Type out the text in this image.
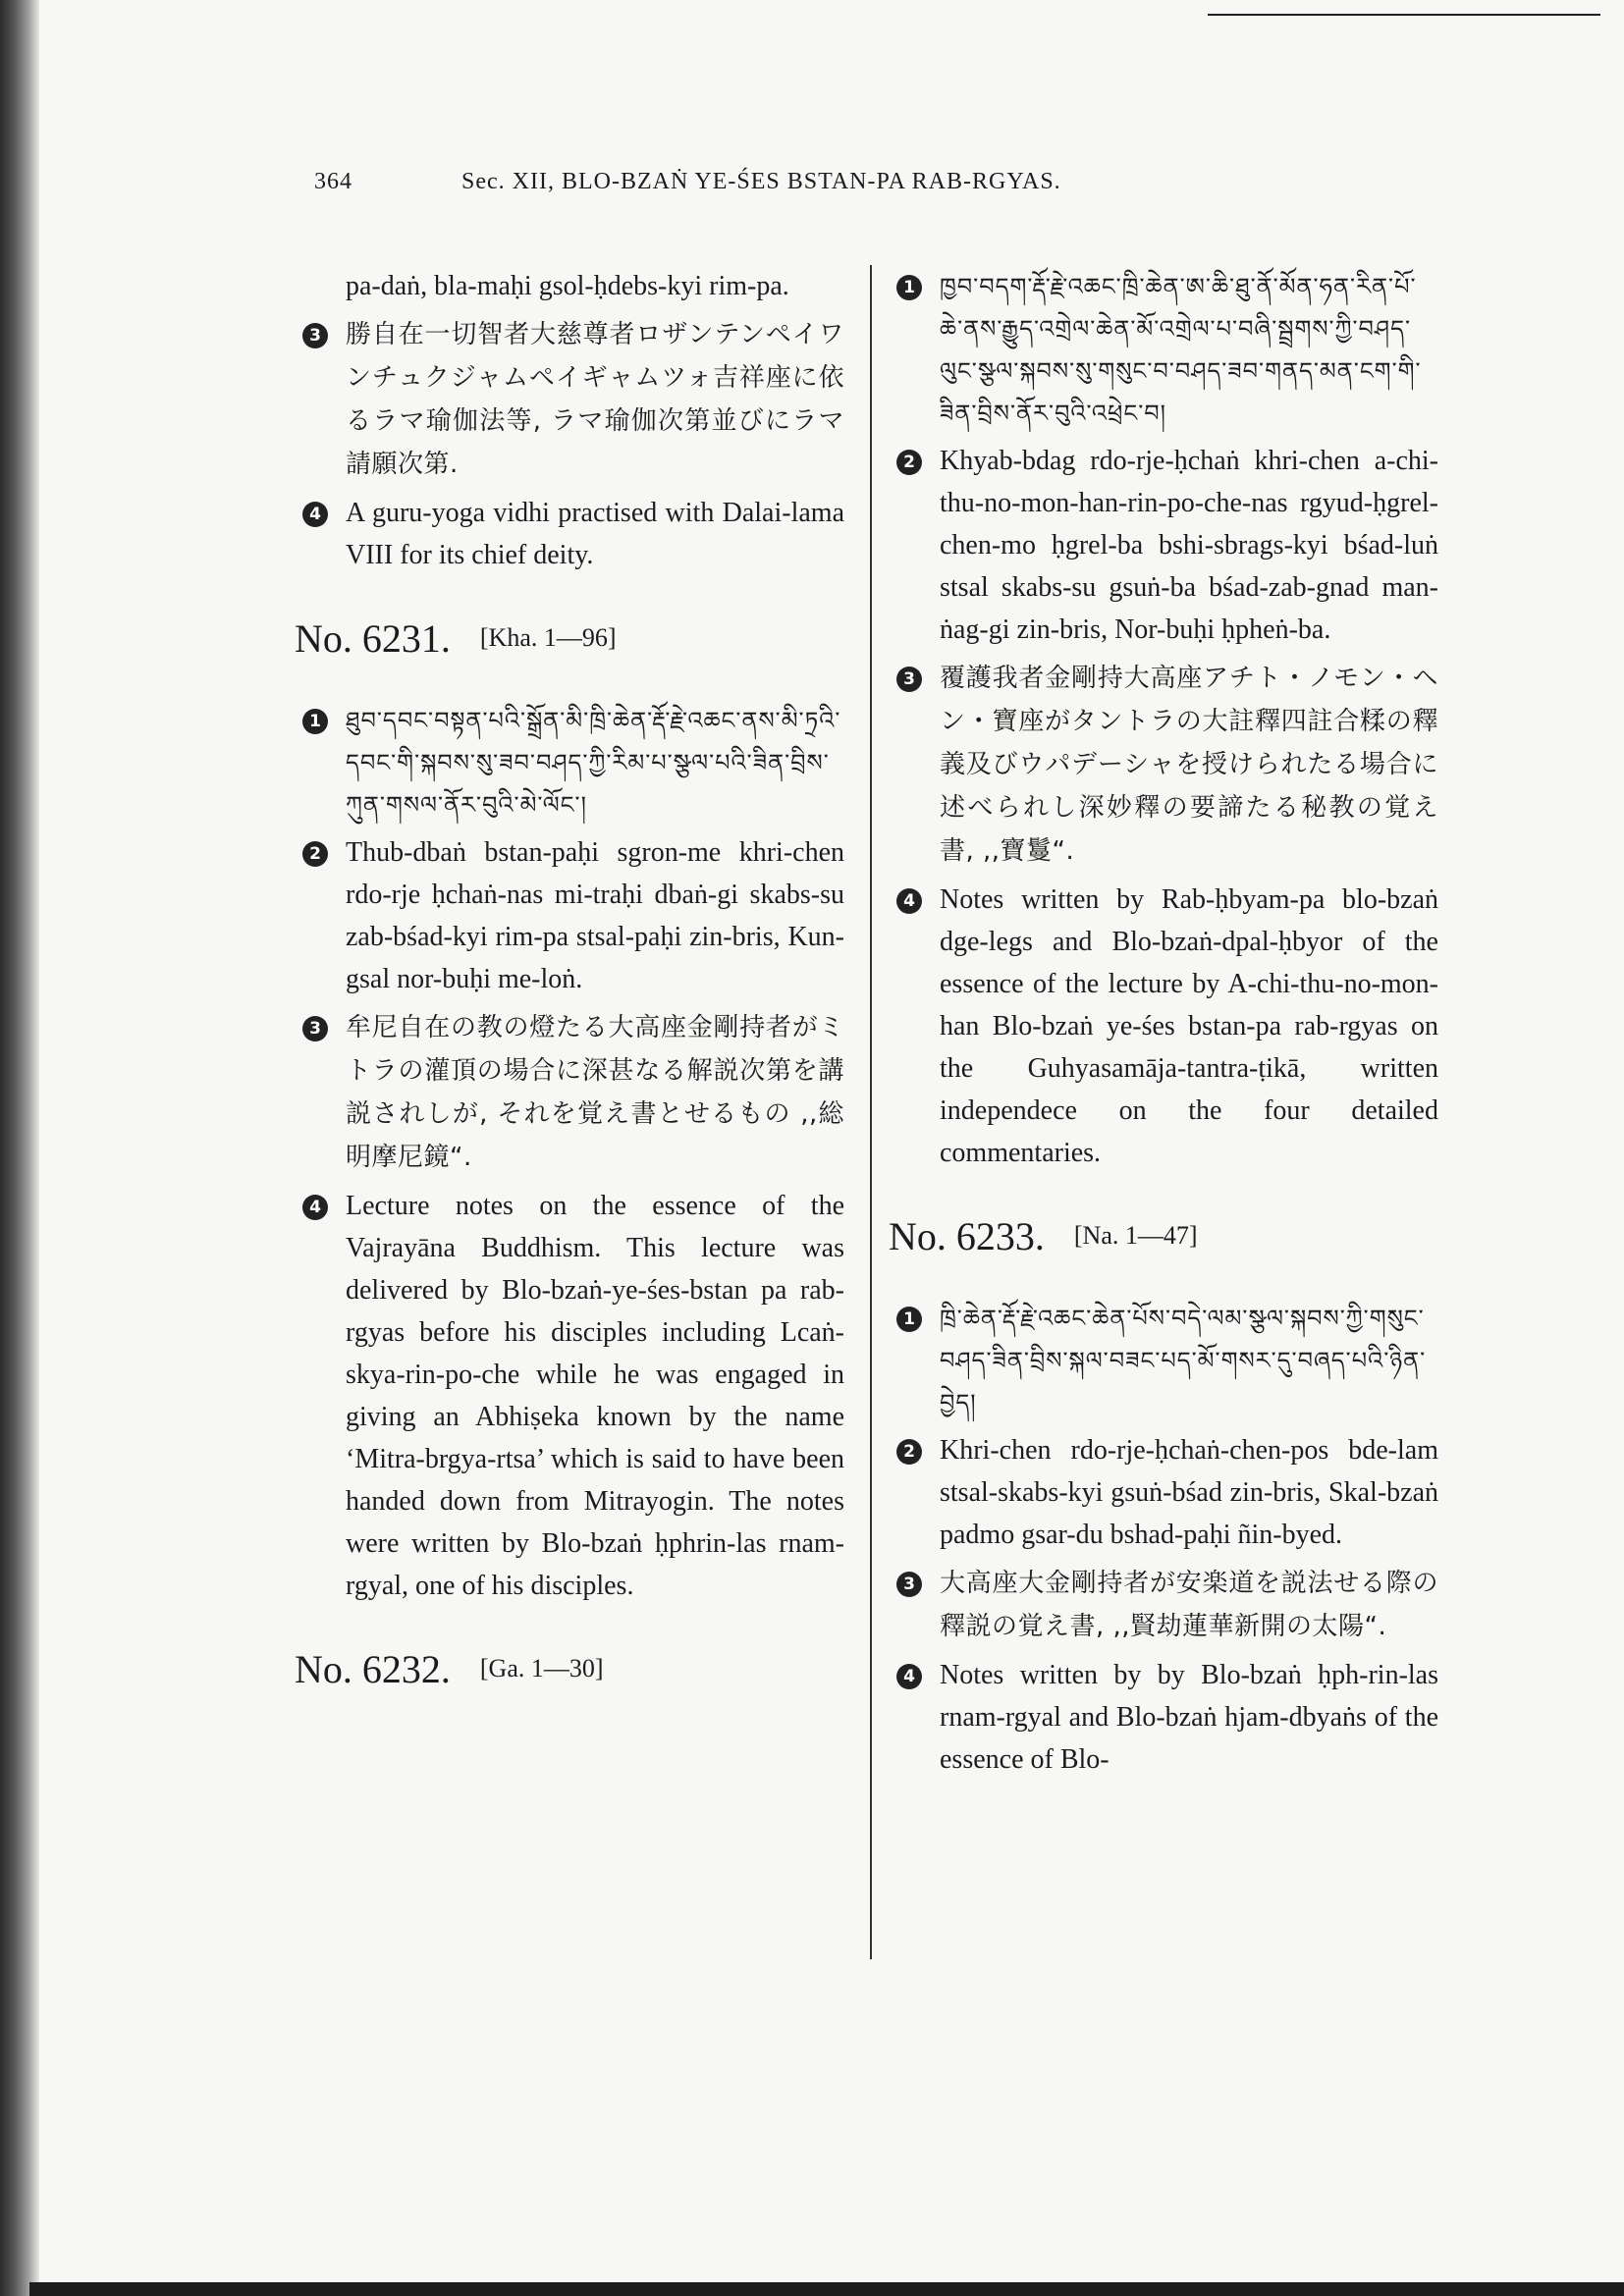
364	Sec. XII, BLO-BZAṄ YE-ŚES BSTAN-PA RAB-RGYAS.
pa-daṅ, bla-maḥi gsol-ḥdebs-kyi rim-pa.
3 勝自在一切智者大慈尊者ロザンテンペイワンチュクジャムペイギャムツォ吉祥座に依るラマ瑜伽法等, ラマ瑜伽次第並びにラマ請願次第.
4 A guru-yoga vidhi practised with Dalai-lama VIII for its chief deity.
No. 6231. [Kha. 1—96]
1 ཐུབ་དབང་བསྟན་པའི་སྒྲོན་མི་ཁྲི་ཆེན་རྡོ་རྗེ་འཆང་ནས་མི་ཏྲའི་དབང་གི་སྐབས་སུ་ཟབ་བཤད་ཀྱི་རིམ་པ་སྩལ་པའི་ཟིན་བྲིས་ཀུན་གསལ་ནོར་བུའི་མེ་ལོང་།
2 Thub-dbaṅ bstan-paḥi sgron-me khri-chen rdo-rje ḥchaṅ-nas mi-traḥi dbaṅ-gi skabs-su zab-bśad-kyi rim-pa stsal-paḥi zin-bris, Kun-gsal nor-buḥi me-loṅ.
3 牟尼自在の教の燈たる大高座金剛持者がミトラの灌頂の場合に深甚なる解説次第を講説されしが, それを覚え書とせるもの ,,総明摩尼鏡“.
4 Lecture notes on the essence of the Vajrayāna Buddhism. This lecture was delivered by Blo-bzaṅ-ye-śes-bstan pa rab-rgyas before his disciples including Lcaṅ-skya-rin-po-che while he was engaged in giving an Abhiṣeka known by the name ‘Mitra-brgya-rtsa’ which is said to have been handed down from Mitrayogin. The notes were written by Blo-bzaṅ ḥphrin-las rnam-rgyal, one of his disciples.
No. 6232. [Ga. 1—30]
1 ཁྱབ་བདག་རྡོ་རྗེ་འཆང་ཁྲི་ཆེན་ཨ་ཆི་ཐུ་ནོ་མོན་ཧན་རིན་པོ་ཆེ་ནས་རྒྱུད་འགྲེལ་ཆེན་མོ་འགྲེལ་པ་བཞི་སྦྲགས་ཀྱི་བཤད་ལུང་སྩལ་སྐབས་སུ་གསུང་བ་བཤད་ཟབ་གནད་མན་ངག་གི་ཟིན་བྲིས་ནོར་བུའི་འཕྲེང་བ།
2 Khyab-bdag rdo-rje-ḥchaṅ khri-chen a-chi-thu-no-mon-han-rin-po-che-nas rgyud-ḥgrel-chen-mo ḥgrel-ba bshi-sbrags-kyi bśad-luṅ stsal skabs-su gsuṅ-ba bśad-zab-gnad man-ṅag-gi zin-bris, Nor-buḥi ḥpheṅ-ba.
3 覆護我者金剛持大高座アチト・ノモン・ヘン・寶座がタントラの大註釋四註合糅の釋義及びウパデーシャを授けられたる場合に述べられし深妙釋の要諦たる秘教の覚え書, ,,寶鬘“.
4 Notes written by Rab-ḥbyam-pa blo-bzaṅ dge-legs and Blo-bzaṅ-dpal-ḥbyor of the essence of the lecture by A-chi-thu-no-mon-han Blo-bzaṅ ye-śes bstan-pa rab-rgyas on the Guhyasamāja-tantra-ṭikā, written independece on the four detailed commentaries.
No. 6233. [Na. 1—47]
1 ཁྲི་ཆེན་རྡོ་རྗེ་འཆང་ཆེན་པོས་བདེ་ལམ་སྩལ་སྐབས་ཀྱི་གསུང་བཤད་ཟིན་བྲིས་སྐལ་བཟང་པད་མོ་གསར་དུ་བཞད་པའི་ཉིན་བྱེད།
2 Khri-chen rdo-rje-ḥchaṅ-chen-pos bde-lam stsal-skabs-kyi gsuṅ-bśad zin-bris, Skal-bzaṅ padmo gsar-du bshad-paḥi ñin-byed.
3 大高座大金剛持者が安楽道を説法せる際の釋説の覚え書, ,,賢劫蓮華新開の太陽“.
4 Notes written by by Blo-bzaṅ ḥph-rin-las rnam-rgyal and Blo-bzaṅ hjam-dbyaṅs of the essence of Blo-
